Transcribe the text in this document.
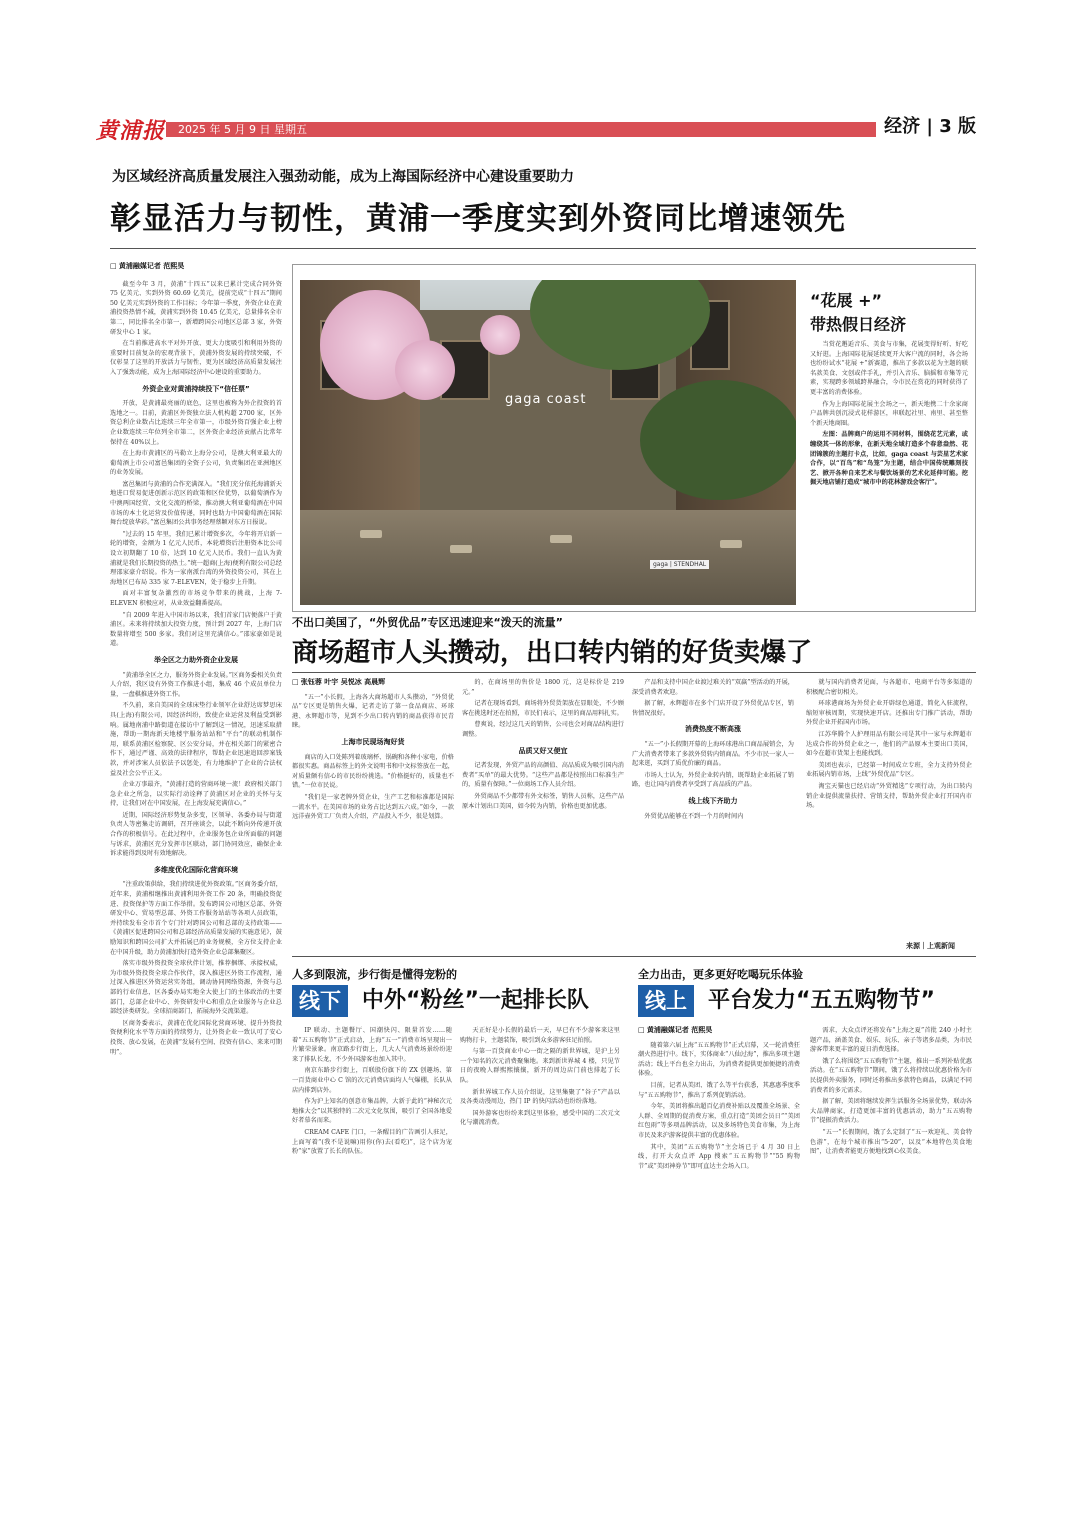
黄浦报 2025 年 5 月 9 日 星期五	经济 | 3 版
为区域经济高质量发展注入强劲动能，成为上海国际经济中心建设重要助力
彰显活力与韧性，黄浦一季度实到外资同比增速领先
□ 黄浦融媒记者 范熙昊

截至今年 3 月，黄浦“十四五”以来已累计完成合同外资 75 亿美元、实到外资 60.69 亿美元，提前完成“十四五”期间 50 亿美元实到外资的工作目标；今年第一季度，外资企业在黄浦投资热情不减，黄浦实到外资 10.45 亿美元，总量排名全市第二，同比排名全市第一，新增跨国公司地区总部 3 家，外资研发中心 1 家。

在当前推进高水平对外开放、更大力度吸引和利用外资的重要时目前复杂的宏观背景下，黄浦外资发展的持续突破，不仅彰显了这里的开放活力与韧性，更为区域经济高质量发展注入了强劲动能，成为上海国际经济中心建设的重要助力。

外资企业对黄浦持续投下“信任票”

开放，是黄浦最亮丽的底色，这里也被称为外企投资的首选地之一。目前，黄浦区外资独立法人机构超 2700 家，区外资总利企业数占比连续三年全市第一，市级外资百强企业上榜企业数连续三年位列全市第二，区外资企业经济贡献占比常年保持在 40%以上。

在上海市黄浦区的马勒立上海分公司，是澳大利亚最大的葡萄酒上市公司富邑集团的全资子公司，负责集团在亚洲地区的业务发展。

富邑集团与黄浦的合作充满深入。“我们充分依托海浦新天地进口贸易促进创新示范区的政策和区位优势，以葡萄酒作为中澳两国经贸、文化交流的桥梁，推动澳大利亚葡萄酒在中国市场的本土化运营及价值传递，同时也助力中国葡萄酒在国际舞台绽放华彩。”富邑集团公共事务经理蔡颖对东方日报说。

“过去的 15 年里，我们已累计增资多次，今年将开启新一轮的增资，金额为 1 亿元人民币，本轮增资后注册资本比公司设立初期翻了 10 倍，达到 10 亿元人民币。我们一直认为黄浦就是我们长期投资的热土。”统一超商(上海)便利有限公司总经理邵家豪介绍说。作为一家南派台湾的外资投资公司，其在上海地区已布局 335 家 7-ELEVEN，处于稳步上升期。

面对丰富复杂激烈的市场竞争带来的挑战，上海 7-ELEVEN 积极应对，从业效益翻番提高。

“自 2009 年进入中国市场以来，我们首家门店便落户于黄浦区。未来将持续加大投资力度，预计到 2027 年，上海门店数量将增至 500 多家。我们对这里充满信心。”邵家豪如是说道。

举全区之力助外资企业发展

“黄浦举全区之力，服务外资企业发展。”区商务委相关负责人介绍，我区设有外资工作推进小组，集成 46 个成员单位力量，一盘棋推进外资工作。

不久前，来自美国的全球床垫行业领军企业舒达席梦思床具(上海)有限公司，因经济纠纷，致使企业运营及利益受到影响。属地南浦中路街道在接访中了解到这一情况，迅速采取措施，帮助一期海新天地楼宇服务站站和“平台”的联动机制作用，联系黄浦区检察院、区公安分局，并在相关部门的紧密合作下，通过严谨、高效的法律程序，帮助企业迅速追回涉案钱款，并对涉案人员依法予以惩处，有力地维护了企业的合法权益及社会公平正义。

企业万事最齐，“黄浦打造的营商环境一流！政府相关部门急企业之所急，以实际行动诠释了黄浦区对企业的关怀与支持，让我们对在中国发展，在上海发展充满信心。”

近期，国际经济形势复杂多变，区领导、各委办局与街道负责人等密集走访调研，召开座谈会，以此不断向外传递开放合作的积极信号。在此过程中，企业服务包企业所面临的问题与诉求，黄浦区充分发挥市区联动，部门协同效应，确保企业诉求能得到及时有效地解决。

多维度优化国际化营商环境

“注重政策供给，我们持续进优外资政策。”区商务委介绍，近年来，黄浦相继推出黄浦利用外资工作 20 条，明确投资促进、投资保护等方面工作举措。发布跨国公司地区总部、外资研发中心、贸易型总部、外资工作服务站站等各项人员政策，并持续发布全市首个专门针对跨国公司和总部的支持政策——《黄浦区促进跨国公司和总部经济高质量发展的实施意见》，鼓励知识和跨国公司扩大并拓展已的业务规模，全方位支持企业在中国升级，助力黄浦加快打造外资企业总部集聚区。

落实市级外资投资全球伙伴计划，推荐捆绑、承接权威，为市级外资投资全球合作伙伴，深入推进区外资工作流程，通过深入推进区外资运营实务组，调动协同网络资源，外资与总部的行业信息，区各委办局实地全大使上门的主体政治的主要部门，总部企业中心、外资研发中心和重点企业服务与企业总部经济类研发。全球招商部门，拓展海外交流渠道。

区商务委表示，黄浦在优化国际化营商环境、提升外资投资便利化水平等方面的持续努力，让外资企业一致认可了安心投资、放心发展，在黄浦“发展有空间、投资有信心、来来可期明”。

gaga coast
gaga | STENDHAL
“花展 +”
带热假日经济

当赏花邂逅音乐、美食与市集，花展变得好听、好吃又好逛。上海国际花展延续更开大客户流的同时，各会场也纷纷试水“花展 +”新赛道，推出了多款以花为主题的联名款美食、文创或伴手礼，并引入音乐、脑摇和市集等元素，实现跨多领域跨界融合，今市民在赏花的同时获得了更丰富的消费体验。

作为上海国际花展主会场之一，新天地携二十余家商户品牌共创沉浸式花样游区，串联起社里、南里、甚至整个新天地商圈。

左图：品牌商户的运用不同材料，围绕花艺元素，或缠绕其一体的形象，在新天地全域打造多个春意盎然、花团锦簇的主题打卡点，比如，gaga coast 与芸星艺术家合作，以“百鸟”和“鸟笼”为主题，结合中国传统雕刻技艺、掀开各种自来艺术与餐饮场景的艺术化延伸可能。挖掘天地店铺打造成“城市中的花林游戏会客厅”。

不出口美国了，“外贸优品”专区迅速迎来“泼天的流量”
商场超市人头攒动，出口转内销的好货卖爆了
□ 张钰蓉 叶宇 吴悦冰 高晨辉

“五一”小长假，上海各大商场超市人头攒动，“外贸优品”专区更是销售火爆，记者走访了第一食品商店、环球港、永辉超市等，见到不少出口转内销的商品获得市民青睐。

上海市民现场淘好货

商店的入口处陈列着玻璃杯、锅碗和各种小家电，价格都很实惠。商品标签上的外文说明书和中文标签放在一起，对质量颇有信心的市民纷纷挑选。“价格挺好的，质量也不错。”一位市民说。

“我们是一家老牌外贸企业，生产工艺和标准都是国际一流水平。在美国市场的业务占比达到五六成。”如今，一款远洋壶外贸工厂负责人介绍，产品投入不少，很是划算。

的，在商场里的售价是 1800 元，这是标价是 219 元。”

记者在现场看到，商场将外贸货架放在显眼处，不少顾客在挑选时还在拍照，市民们表示，这里的商品用料扎实。

曹爽说，经过这几天的销售，公司也会对商品结构进行调整。

品质又好又便宜

记者发现，外贸产品的高颜值、高品质成为吸引国内消费者“买单”的最大优势。“这些产品都是按照出口标准生产的，质量有保障。”一位商场工作人员介绍。

外贸商品不少都带有外文标签，销售人员称，这些产品原本计划出口美国，如今转为内销，价格也更加优惠。

产品和支持中国企业渡过难关的“双赢”型活动的开展，深受消费者欢迎。

据了解，永辉超市在多个门店开设了外贸优品专区，销售情况很好。

消费热度不断高涨

“五一”小长假期开幕的上海环球港出口商品展销会，为广大消费者带来了多款外贸转内销商品。不少市民一家人一起来逛，买到了质优价廉的商品。

市场人士认为，外贸企业转内销，既帮助企业拓展了销路，也让国内消费者享受到了高品质的产品。

线上线下齐助力

外贸优品能够在不到一个月的时间内

就与国内消费者见面，与各超市、电商平台等多渠道的积极配合密切相关。

环球港商场为外贸企业开辟绿色通道，简化入驻流程，缩短审核周期，实现快速开店。还推出专门推广活动，帮助外贸企业开拓国内市场。

江苏华腾个人护理用品有限公司是其中一家与永辉超市达成合作的外贸企业之一，他们的产品原本主要出口美国，如今在超市货架上也能找到。

美团也表示，已经第一时间成立专班，全力支持外贸企业拓展内销市场，上线“外贸优品”专区。

淘宝天猫也已经启动“外贸精选”专项行动，为出口转内销企业提供流量扶持、营销支持，帮助外贸企业打开国内市场。

来源｜上观新闻
人多到限流，步行街是懂得宠粉的
线下 中外“粉丝”一起排长队

IP 联动、主题餐厅、国潮快闪、限量首发……随着“五五购物节”正式启动，上海“五一”消费市场呈现出一片繁荣景象。南京路步行街上，几大人气消费场景纷纷迎来了排队长龙，不少外国游客也加入其中。

南京东路步行街上，百联股份旗下的 ZX 创趣场、第一百货商业中心 C 馆的次元消费店面均人气爆棚，长队从店内排到店外。

作为沪上知名的创意市集品牌，大新于此的“神秘次元地推大会”以其独特的二次元文化氛围，吸引了全国各地爱好者慕名而来。

CREAM CAFE 门口，一条醒目的广告画引人驻足，上面写着“(我不是说嘛)用你(你)去(看吃)”，这个店为宠粉“家”放置了长长的队伍。

天正好是小长假的最后一天，早已有不少游客来这里购物打卡，主题装饰，吸引到众多游客驻足拍照。

与第一百货商业中心一街之隔的新世界城，是沪上另一个知名的次元消费聚集地。来到新世界城 4 楼，只见节日的夜晚人群熙熙攘攘，新开的周边店门前也排起了长队。

新世界城工作人员介绍说，这里集聚了“谷子”产品以及各类动漫周边，热门 IP 的快闪活动也纷纷落地。

国外游客也纷纷来到这里体验，感受中国的二次元文化与潮流消费。

全力出击，更多更好吃喝玩乐体验
线上 平台发力“五五购物节”
□ 黄浦融媒记者 范熙昊

随着第六届上海“五五购物节”正式启幕，又一轮消费狂潮火热进行中。线下，实体商业“八仙过海”，推出多项主题活动；线上平台也全力出击，为消费者提供更加便捷的消费体验。

目前，记者从美团、饿了么等平台获悉，其惠惠季度季与“五五购物节”，推出了系列促销活动。

今年，美团将推出超百亿消费补贴以及覆盖全场景、全人群、全周期的促消费方案，重点打造“美团会员日”“美团红包雨”等多项品牌活动，以及多场特色美食市集，为上海市民及来沪游客提供丰富的优惠体验。

其中，美团“五五购物节”主会场已于 4 月 30 日上线，打开大众点评 App 搜索“五五购物节”“55 购物节”或“美团神券节”即可直达主会场入口。

需求，大众点评还将发布“上海之夏”首批 240 小时主题产品，涵盖美食、娱乐、玩乐、亲子等诸多品类，为市民游客带来更丰富的夏日消费选择。

饿了么将围绕“五五购物节”主题，推出一系列补贴优惠活动。在“五五购物节”期间，饿了么将持续以优惠价格为市民提供外卖服务，同时还将推出多款特色商品，以满足不同消费者的多元需求。

据了解，美团将继续发挥生活服务全场景优势，联动各大品牌商家，打造更加丰富的优惠活动，助力“五五购物节”提振消费活力。

“五一”长假期间，饿了么定制了“五一欢迎礼、美食特色游”，在每个城市推出“5·20”，以及“本地特色美食地图”，让消费者能更方便地找到心仪美食。
